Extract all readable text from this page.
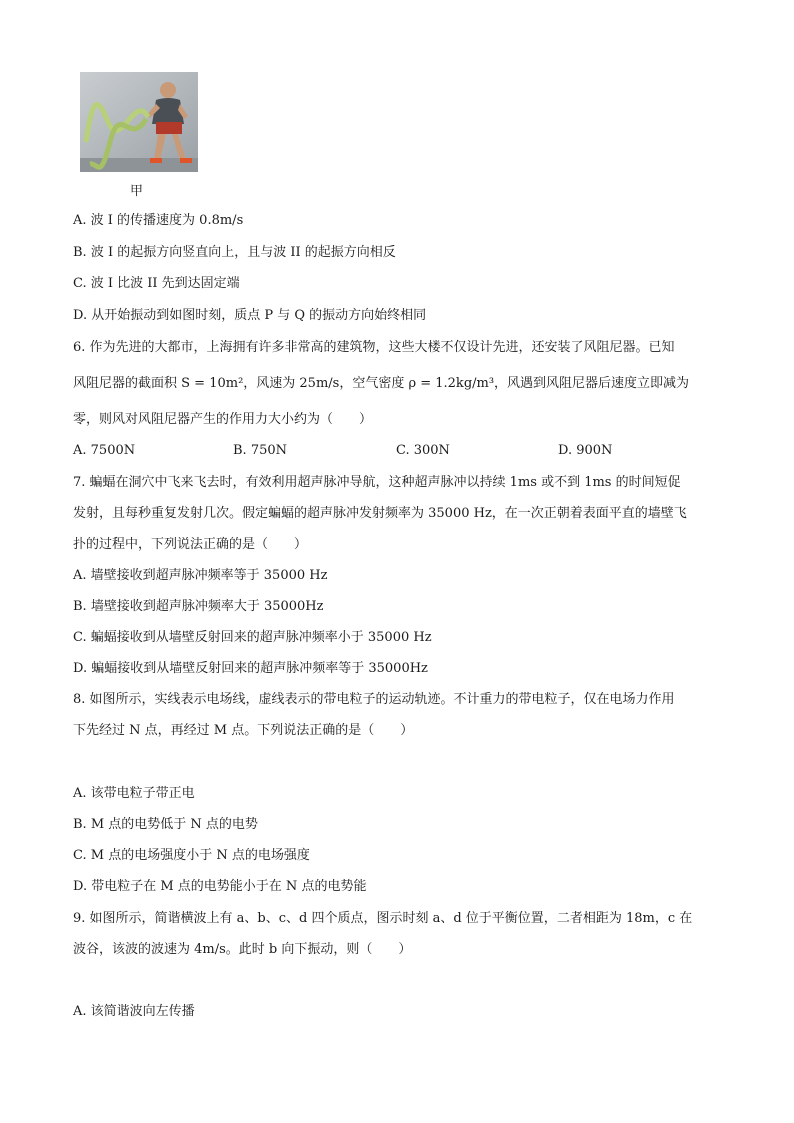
甲
A. 波 I 的传播速度为 0.8m/s
B. 波 I 的起振方向竖直向上，且与波 II 的起振方向相反
C. 波 I 比波 II 先到达固定端
D. 从开始振动到如图时刻，质点 P 与 Q 的振动方向始终相同
6. 作为先进的大都市，上海拥有许多非常高的建筑物，这些大楼不仅设计先进，还安装了风阻尼器。已知
风阻尼器的截面积 S = 10m²，风速为 25m/s，空气密度 ρ = 1.2kg/m³，风遇到风阻尼器后速度立即减为
零，则风对风阻尼器产生的作用力大小约为（　　）
A. 7500N	B. 750N	C. 300N	D. 900N
7. 蝙蝠在洞穴中飞来飞去时，有效利用超声脉冲导航，这种超声脉冲以持续 1ms 或不到 1ms 的时间短促
发射，且每秒重复发射几次。假定蝙蝠的超声脉冲发射频率为 35000 Hz，在一次正朝着表面平直的墙壁飞
扑的过程中，下列说法正确的是（　　）
A. 墙壁接收到超声脉冲频率等于 35000 Hz
B. 墙壁接收到超声脉冲频率大于 35000Hz
C. 蝙蝠接收到从墙壁反射回来的超声脉冲频率小于 35000 Hz
D. 蝙蝠接收到从墙壁反射回来的超声脉冲频率等于 35000Hz
8. 如图所示，实线表示电场线，虚线表示的带电粒子的运动轨迹。不计重力的带电粒子，仅在电场力作用
下先经过 N 点，再经过 M 点。下列说法正确的是（　　）
A. 该带电粒子带正电
B. M 点的电势低于 N 点的电势
C. M 点的电场强度小于 N 点的电场强度
D. 带电粒子在 M 点的电势能小于在 N 点的电势能
9. 如图所示，简谐横波上有 a、b、c、d 四个质点，图示时刻 a、d 位于平衡位置，二者相距为 18m，c 在
波谷，该波的波速为 4m/s。此时 b 向下振动，则（　　）
A. 该简谐波向左传播
